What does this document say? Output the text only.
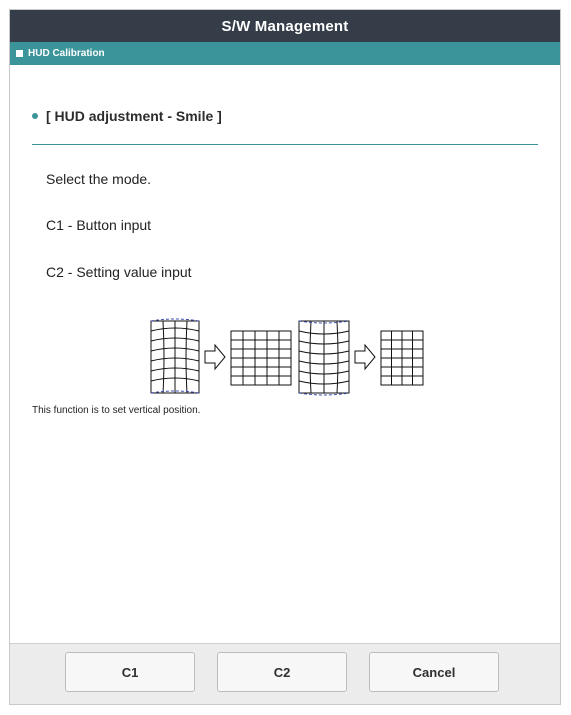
S/W Management
HUD Calibration
[ HUD adjustment - Smile ]
Select the mode.
C1 - Button input
C2 - Setting value input
This function is to set vertical position.
C1	C2	Cancel
